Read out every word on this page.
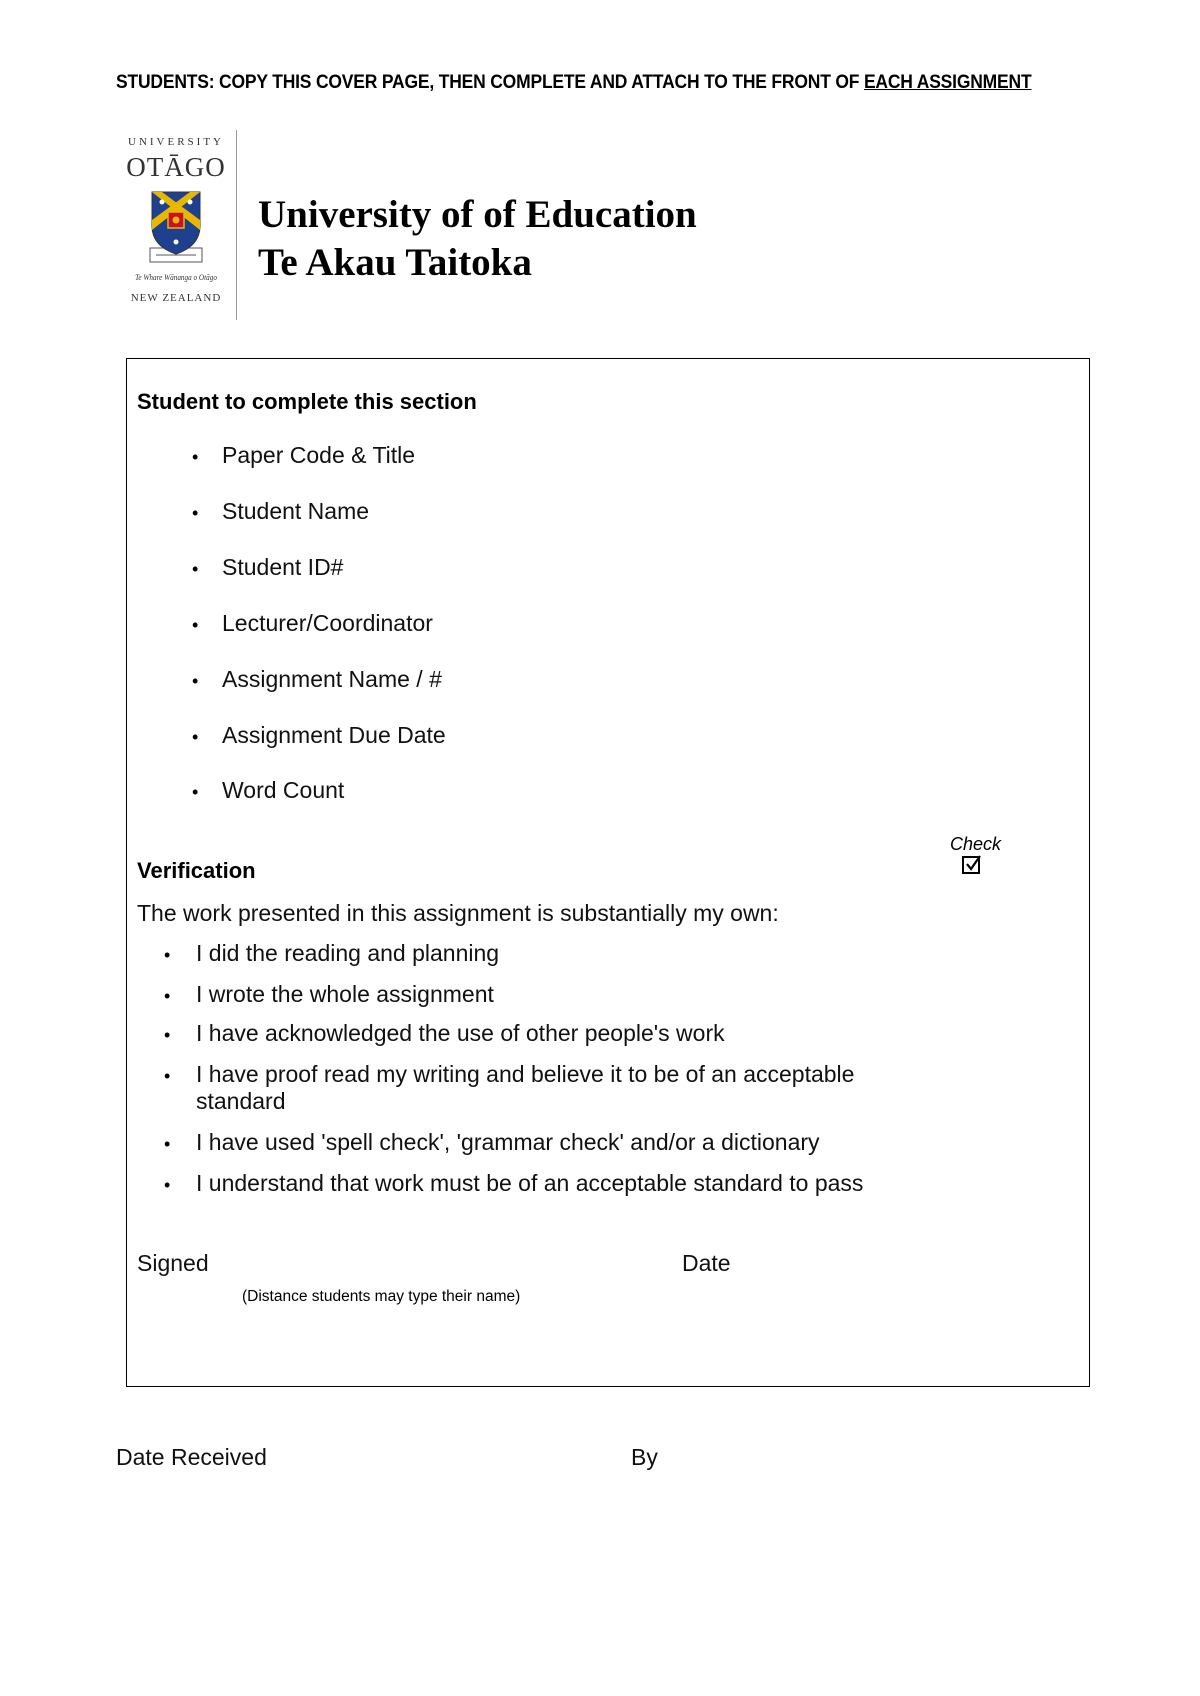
STUDENTS: COPY THIS COVER PAGE, THEN COMPLETE AND ATTACH TO THE FRONT OF EACH ASSIGNMENT
UNIVERSITY
OTĀGO
Te Whare Wānanga o Otāgo
NEW ZEALAND
University of of Education
Te Akau Taitoka
Student to complete this section
• Paper Code & Title
• Student Name
• Student ID#
• Lecturer/Coordinator
• Assignment Name / #
• Assignment Due Date
• Word Count
Check
Verification
The work presented in this assignment is substantially my own:
• I did the reading and planning
• I wrote the whole assignment
• I have acknowledged the use of other people's work
• I have proof read my writing and believe it to be of an acceptable standard
• I have used 'spell check', 'grammar check' and/or a dictionary
• I understand that work must be of an acceptable standard to pass
Signed	Date
(Distance students may type their name)
Date Received	By
